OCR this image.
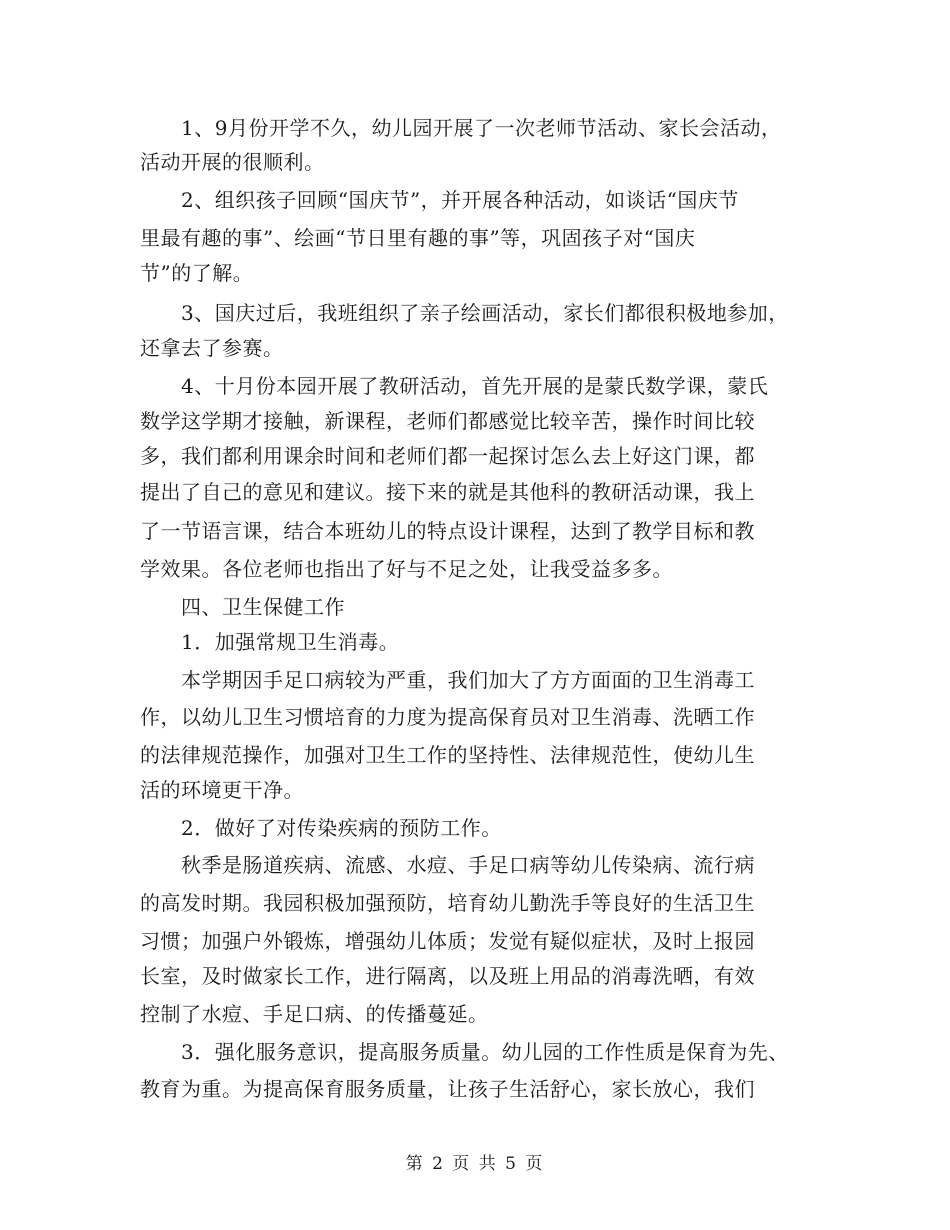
　　1、9月份开学不久，幼儿园开展了一次老师节活动、家长会活动，
活动开展的很顺利。
　　2、组织孩子回顾“国庆节”，并开展各种活动，如谈话“国庆节
里最有趣的事”、绘画“节日里有趣的事”等，巩固孩子对“国庆
节”的了解。
　　3、国庆过后，我班组织了亲子绘画活动，家长们都很积极地参加，
还拿去了参赛。
　　4、十月份本园开展了教研活动，首先开展的是蒙氏数学课，蒙氏
数学这学期才接触，新课程，老师们都感觉比较辛苦，操作时间比较
多，我们都利用课余时间和老师们都一起探讨怎么去上好这门课，都
提出了自己的意见和建议。接下来的就是其他科的教研活动课，我上
了一节语言课，结合本班幼儿的特点设计课程，达到了教学目标和教
学效果。各位老师也指出了好与不足之处，让我受益多多。
　　四、卫生保健工作
　　1．加强常规卫生消毒。
　　本学期因手足口病较为严重，我们加大了方方面面的卫生消毒工
作，以幼儿卫生习惯培育的力度为提高保育员对卫生消毒、洗晒工作
的法律规范操作，加强对卫生工作的坚持性、法律规范性，使幼儿生
活的环境更干净。
　　2．做好了对传染疾病的预防工作。
　　秋季是肠道疾病、流感、水痘、手足口病等幼儿传染病、流行病
的高发时期。我园积极加强预防，培育幼儿勤洗手等良好的生活卫生
习惯；加强户外锻炼，增强幼儿体质；发觉有疑似症状，及时上报园
长室，及时做家长工作，进行隔离，以及班上用品的消毒洗晒，有效
控制了水痘、手足口病、的传播蔓延。
　　3．强化服务意识，提高服务质量。幼儿园的工作性质是保育为先、
教育为重。为提高保育服务质量，让孩子生活舒心，家长放心，我们
第 2 页 共 5 页
